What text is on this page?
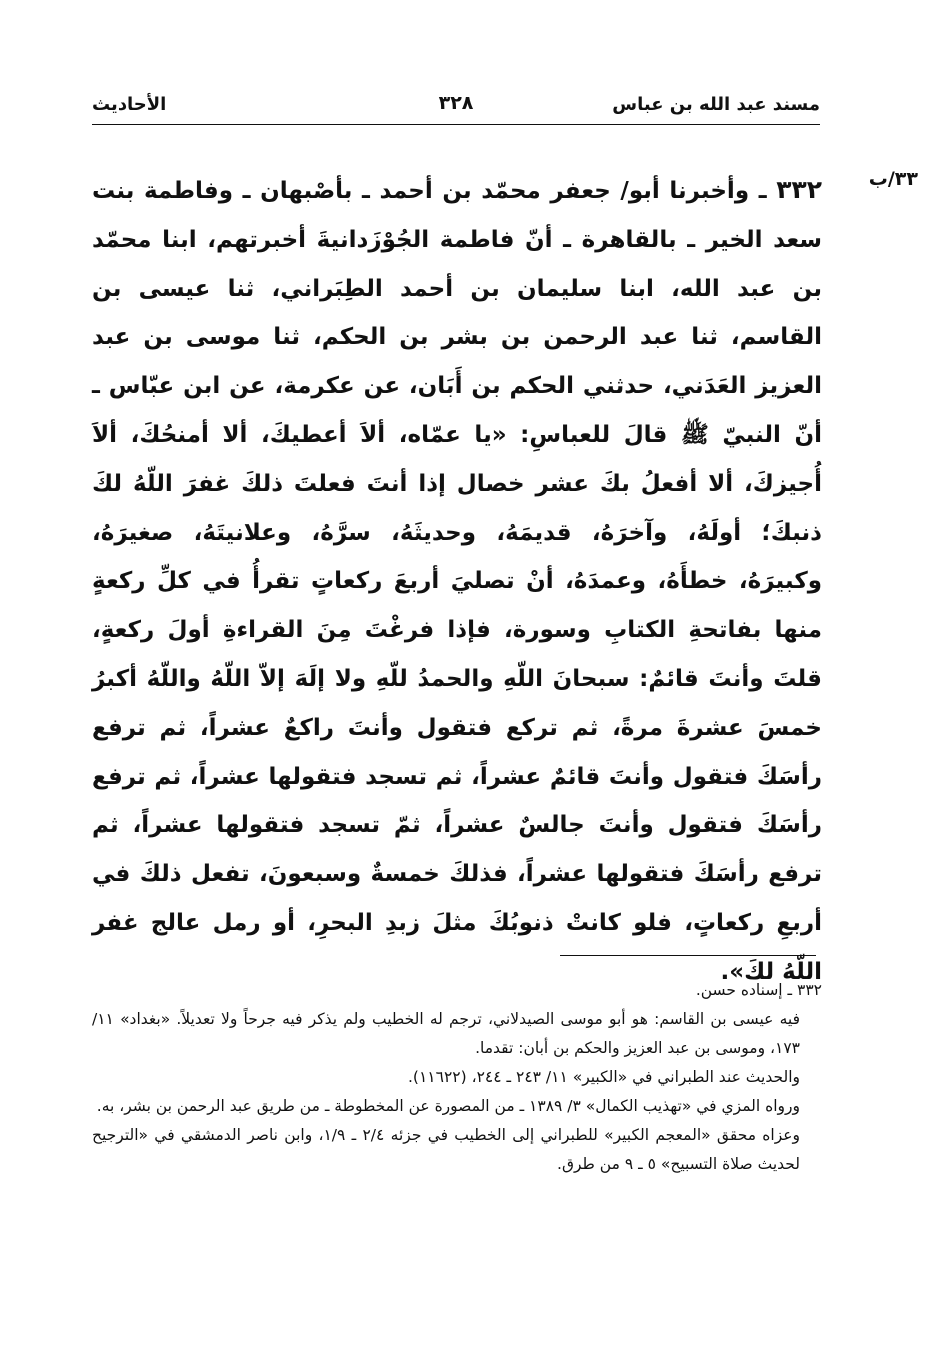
مسند عبد الله بن عباس
٣٢٨
الأحاديث
٣٣/ب
٣٣٢ ـ وأخبرنا أبو/ جعفر محمّد بن أحمد ـ بأصْبهان ـ وفاطمة بنت سعد الخير ـ بالقاهرة ـ أنّ فاطمة الجُوْزَدانيةَ أخبرتهم، ابنا محمّد بن عبد الله، ابنا سليمان بن أحمد الطِبَراني، ثنا عيسى بن القاسم، ثنا عبد الرحمن بن بشر بن الحكم، ثنا موسى بن عبد العزيز العَدَني، حدثني الحكم بن أَبَان، عن عكرمة، عن ابن عبّاس ـ أنّ النبيّ ﷺ قالَ للعباسِ: «يا عمّاه، ألاَ أعطيكَ، ألا أمنحُكَ، ألاَ أُجيزكَ، ألا أفعلُ بكَ عشر خصال إذا أنتَ فعلتَ ذلكَ غفرَ اللّهُ لكَ ذنبكَ؛ أولَهُ، وآخرَهُ، قديمَهُ، وحديثَهُ، سرَّهُ، وعلانيتَهُ، صغيرَهُ، وكبيرَهُ، خطأَهُ، وعمدَهُ، أنْ تصليَ أربعَ ركعاتٍ تقرأُ في كلِّ ركعةٍ منها بفاتحةِ الكتابِ وسورة، فإذا فرغْتَ مِنَ القراءةِ أولَ ركعةٍ، قلتَ وأنتَ قائمٌ: سبحانَ اللّهِ والحمدُ للّهِ ولا إلَهَ إلاّ اللّهُ واللّهُ أكبرُ خمسَ عشرةَ مرةً، ثم تركع فتقول وأنتَ راكعٌ عشراً، ثم ترفع رأسَكَ فتقول وأنتَ قائمٌ عشراً، ثم تسجد فتقولها عشراً، ثم ترفع رأسَكَ فتقول وأنتَ جالسٌ عشراً، ثمّ تسجد فتقولها عشراً، ثم ترفع رأسَكَ فتقولها عشراً، فذلكَ خمسةٌ وسبعونَ، تفعل ذلكَ في أربعِ ركعاتٍ، فلو كانتْ ذنوبُكَ مثلَ زبدِ البحرِ، أو رمل عالج غفر اللّهُ لكَ».

٣٣٢ ـ إسناده حسن.

فيه عيسى بن القاسم: هو أبو موسى الصيدلاني، ترجم له الخطيب ولم يذكر فيه جرحاً ولا تعديلاً. «بغداد» ١١/ ١٧٣، وموسى بن عبد العزيز والحكم بن أبان: تقدما.

والحديث عند الطبراني في «الكبير» ١١/ ٢٤٣ ـ ٢٤٤، (١١٦٢٢).

ورواه المزي في «تهذيب الكمال» ٣/ ١٣٨٩ ـ من المصورة عن المخطوطة ـ من طريق عبد الرحمن بن بشر، به.

وعزاه محقق «المعجم الكبير» للطبراني إلى الخطيب في جزئه ٢/٤ ـ ١/٩، وابن ناصر الدمشقي في «الترجيح لحديث صلاة التسبيح» ٥ ـ ٩ من طرق.
